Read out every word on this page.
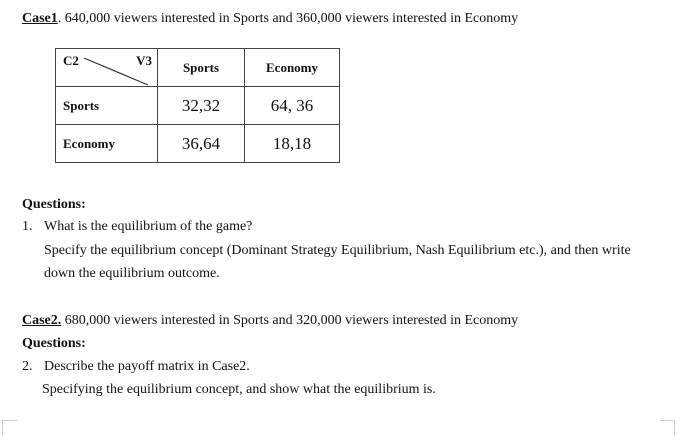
Case1. 640,000 viewers interested in Sports and 360,000 viewers interested in Economy
C2 V3	Sports	Economy
Sports	32,32	64, 36
Economy	36,64	18,18
Questions:
1. What is the equilibrium of the game?
Specify the equilibrium concept (Dominant Strategy Equilibrium, Nash Equilibrium etc.), and then write
down the equilibrium outcome.
Case2. 680,000 viewers interested in Sports and 320,000 viewers interested in Economy
Questions:
2. Describe the payoff matrix in Case2.
Specifying the equilibrium concept, and show what the equilibrium is.
